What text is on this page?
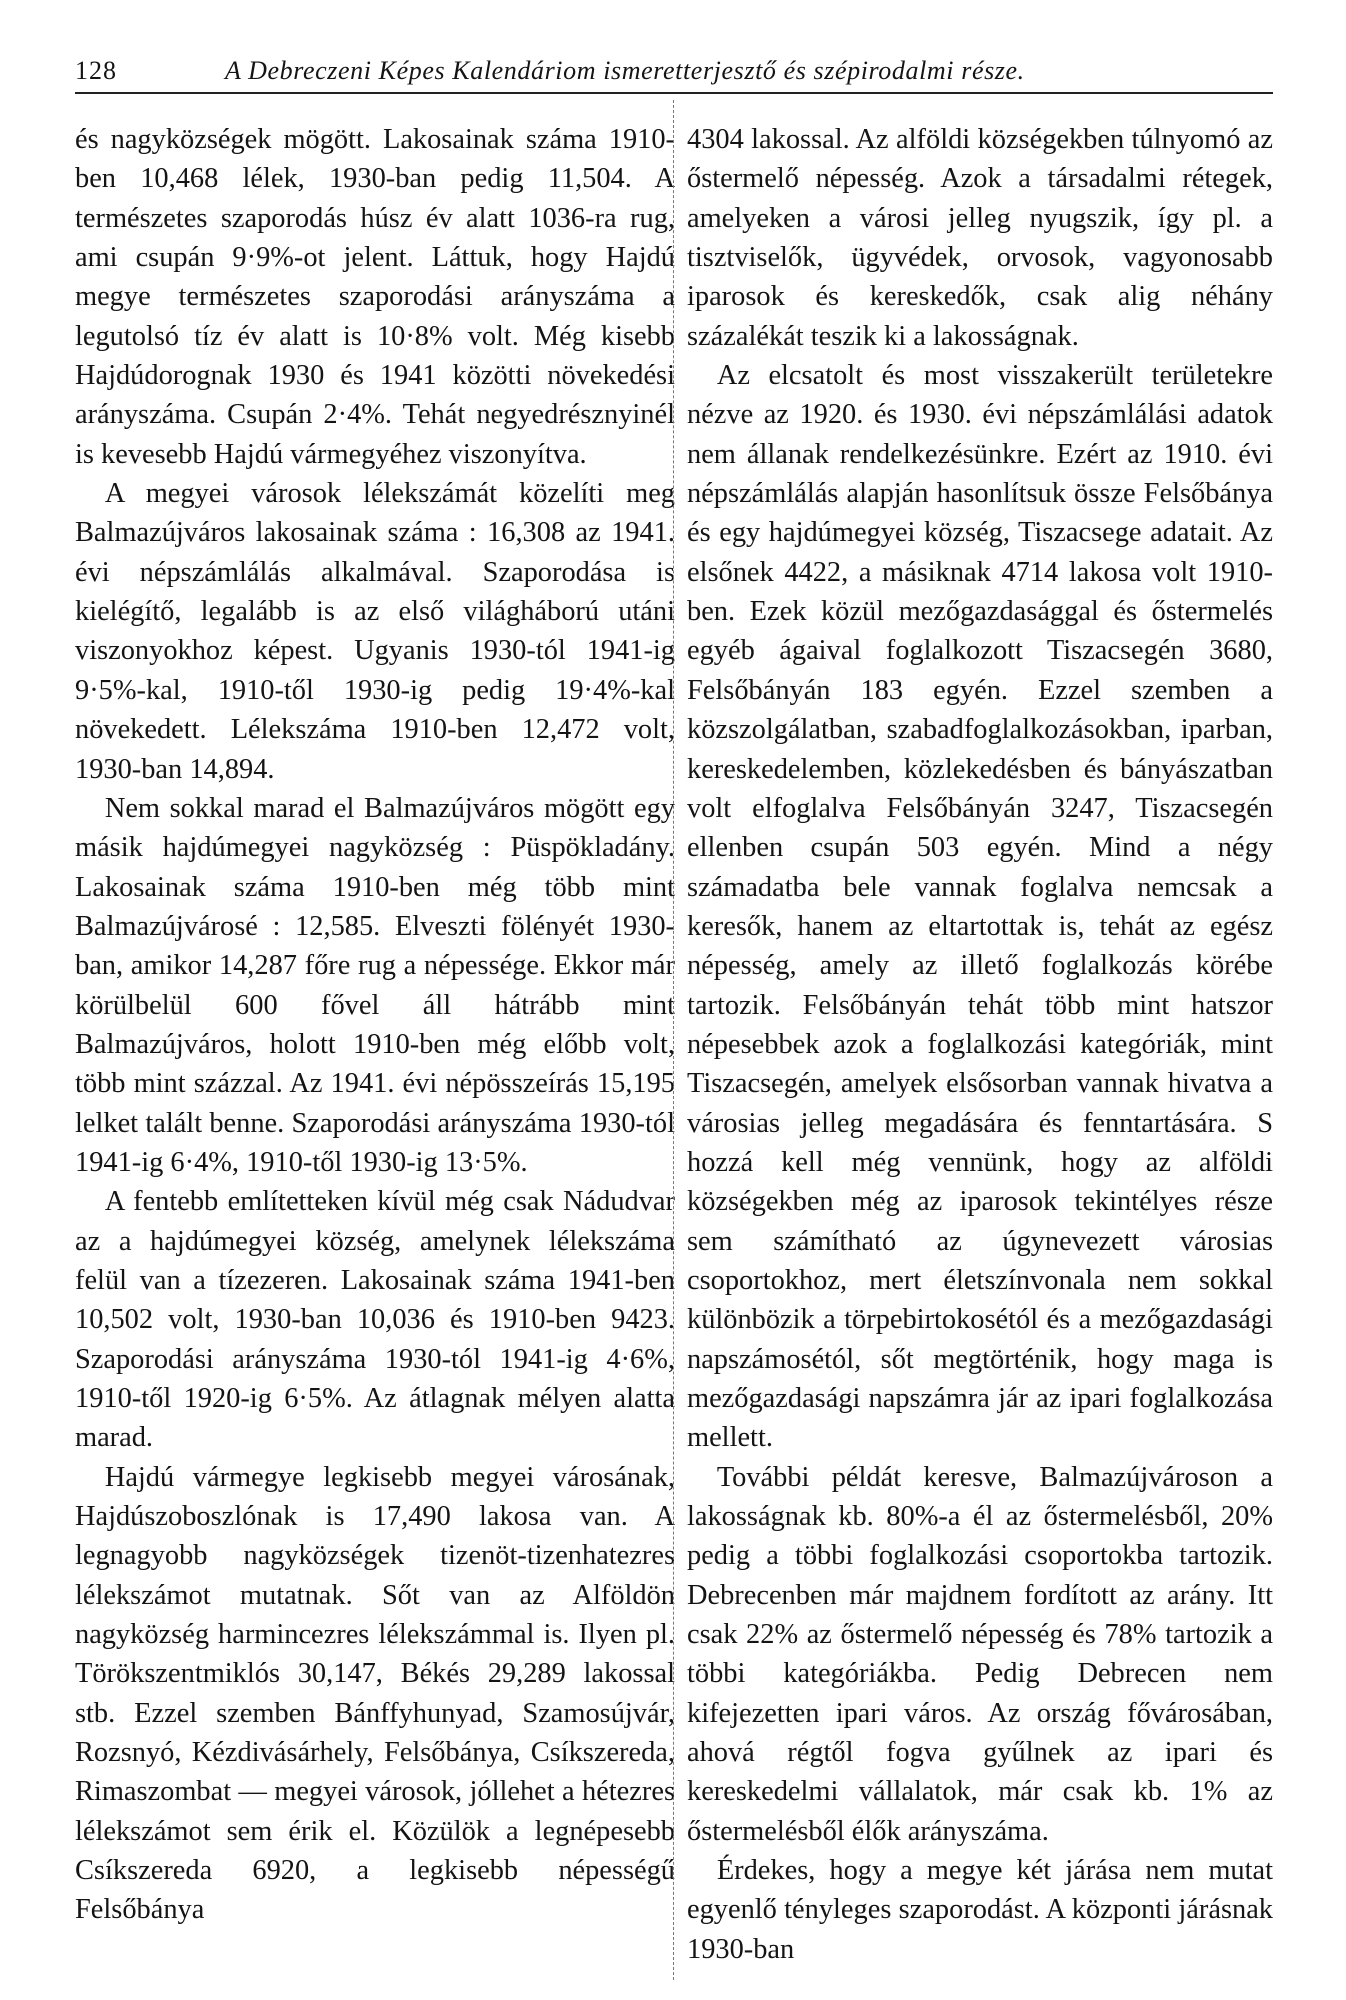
128	A Debreczeni Képes Kalendáriom ismeretterjesztő és szépirodalmi része.

és nagyközségek mögött. Lakosainak száma 1910-ben 10,468 lélek, 1930-ban pedig 11,504. A természetes szaporodás húsz év alatt 1036-ra rug, ami csupán 9·9%-ot jelent. Láttuk, hogy Hajdú megye természetes szaporodási arányszáma a legutolsó tíz év alatt is 10·8% volt. Még kisebb Hajdúdorognak 1930 és 1941 közötti növekedési arányszáma. Csupán 2·4%. Tehát negyedrésznyinél is kevesebb Hajdú vármegyéhez viszonyítva.

A megyei városok lélekszámát közelíti meg Balmazújváros lakosainak száma : 16,308 az 1941. évi népszámlálás alkalmával. Szaporodása is kielégítő, legalább is az első világháború utáni viszonyokhoz képest. Ugyanis 1930-tól 1941-ig 9·5%-kal, 1910-től 1930-ig pedig 19·4%-kal növekedett. Lélekszáma 1910-ben 12,472 volt, 1930-ban 14,894.

Nem sokkal marad el Balmazújváros mögött egy másik hajdúmegyei nagyközség : Püspökladány. Lakosainak száma 1910-ben még több mint Balmazújvárosé : 12,585. Elveszti fölényét 1930-ban, amikor 14,287 főre rug a népessége. Ekkor már körülbelül 600 fővel áll hátrább mint Balmazújváros, holott 1910-ben még előbb volt, több mint százzal. Az 1941. évi népösszeírás 15,195 lelket talált benne. Szaporodási arányszáma 1930-tól 1941-ig 6·4%, 1910-től 1930-ig 13·5%.

A fentebb említetteken kívül még csak Nádudvar az a hajdúmegyei község, amelynek lélekszáma felül van a tízezeren. Lakosainak száma 1941-ben 10,502 volt, 1930-ban 10,036 és 1910-ben 9423. Szaporodási arányszáma 1930-tól 1941-ig 4·6%, 1910-től 1920-ig 6·5%. Az átlagnak mélyen alatta marad.

Hajdú vármegye legkisebb megyei városának, Hajdúszoboszlónak is 17,490 lakosa van. A legnagyobb nagyközségek tizenöt-tizenhatezres lélekszámot mutatnak. Sőt van az Alföldön nagyközség harmincezres lélekszámmal is. Ilyen pl. Törökszentmiklós 30,147, Békés 29,289 lakossal stb. Ezzel szemben Bánffyhunyad, Szamosújvár, Rozsnyó, Kézdivásárhely, Felsőbánya, Csíkszereda, Rimaszombat — megyei városok, jóllehet a hétezres lélekszámot sem érik el. Közülök a legnépesebb Csíkszereda 6920, a legkisebb népességű Felsőbánya

4304 lakossal. Az alföldi községekben túlnyomó az őstermelő népesség. Azok a társadalmi rétegek, amelyeken a városi jelleg nyugszik, így pl. a tisztviselők, ügyvédek, orvosok, vagyonosabb iparosok és kereskedők, csak alig néhány százalékát teszik ki a lakosságnak.

Az elcsatolt és most visszakerült területekre nézve az 1920. és 1930. évi népszámlálási adatok nem állanak rendelkezésünkre. Ezért az 1910. évi népszámlálás alapján hasonlítsuk össze Felsőbánya és egy hajdúmegyei község, Tiszacsege adatait. Az elsőnek 4422, a másiknak 4714 lakosa volt 1910-ben. Ezek közül mezőgazdasággal és őstermelés egyéb ágaival foglalkozott Tiszacsegén 3680, Felsőbányán 183 egyén. Ezzel szemben a közszolgálatban, szabadfoglalkozásokban, iparban, kereskedelemben, közlekedésben és bányászatban volt elfoglalva Felsőbányán 3247, Tiszacsegén ellenben csupán 503 egyén. Mind a négy számadatba bele vannak foglalva nemcsak a keresők, hanem az eltartottak is, tehát az egész népesség, amely az illető foglalkozás körébe tartozik. Felsőbányán tehát több mint hatszor népesebbek azok a foglalkozási kategóriák, mint Tiszacsegén, amelyek elsősorban vannak hivatva a városias jelleg megadására és fenntartására. S hozzá kell még vennünk, hogy az alföldi községekben még az iparosok tekintélyes része sem számítható az úgynevezett városias csoportokhoz, mert életszínvonala nem sokkal különbözik a törpebirtokosétól és a mezőgazdasági napszámosétól, sőt megtörténik, hogy maga is mezőgazdasági napszámra jár az ipari foglalkozása mellett.

További példát keresve, Balmazújvároson a lakosságnak kb. 80%-a él az őstermelésből, 20% pedig a többi foglalkozási csoportokba tartozik. Debrecenben már majdnem fordított az arány. Itt csak 22% az őstermelő népesség és 78% tartozik a többi kategóriákba. Pedig Debrecen nem kifejezetten ipari város. Az ország fővárosában, ahová régtől fogva gyűlnek az ipari és kereskedelmi vállalatok, már csak kb. 1% az őstermelésből élők arányszáma.

Érdekes, hogy a megye két járása nem mutat egyenlő tényleges szaporodást. A központi járásnak 1930-ban
